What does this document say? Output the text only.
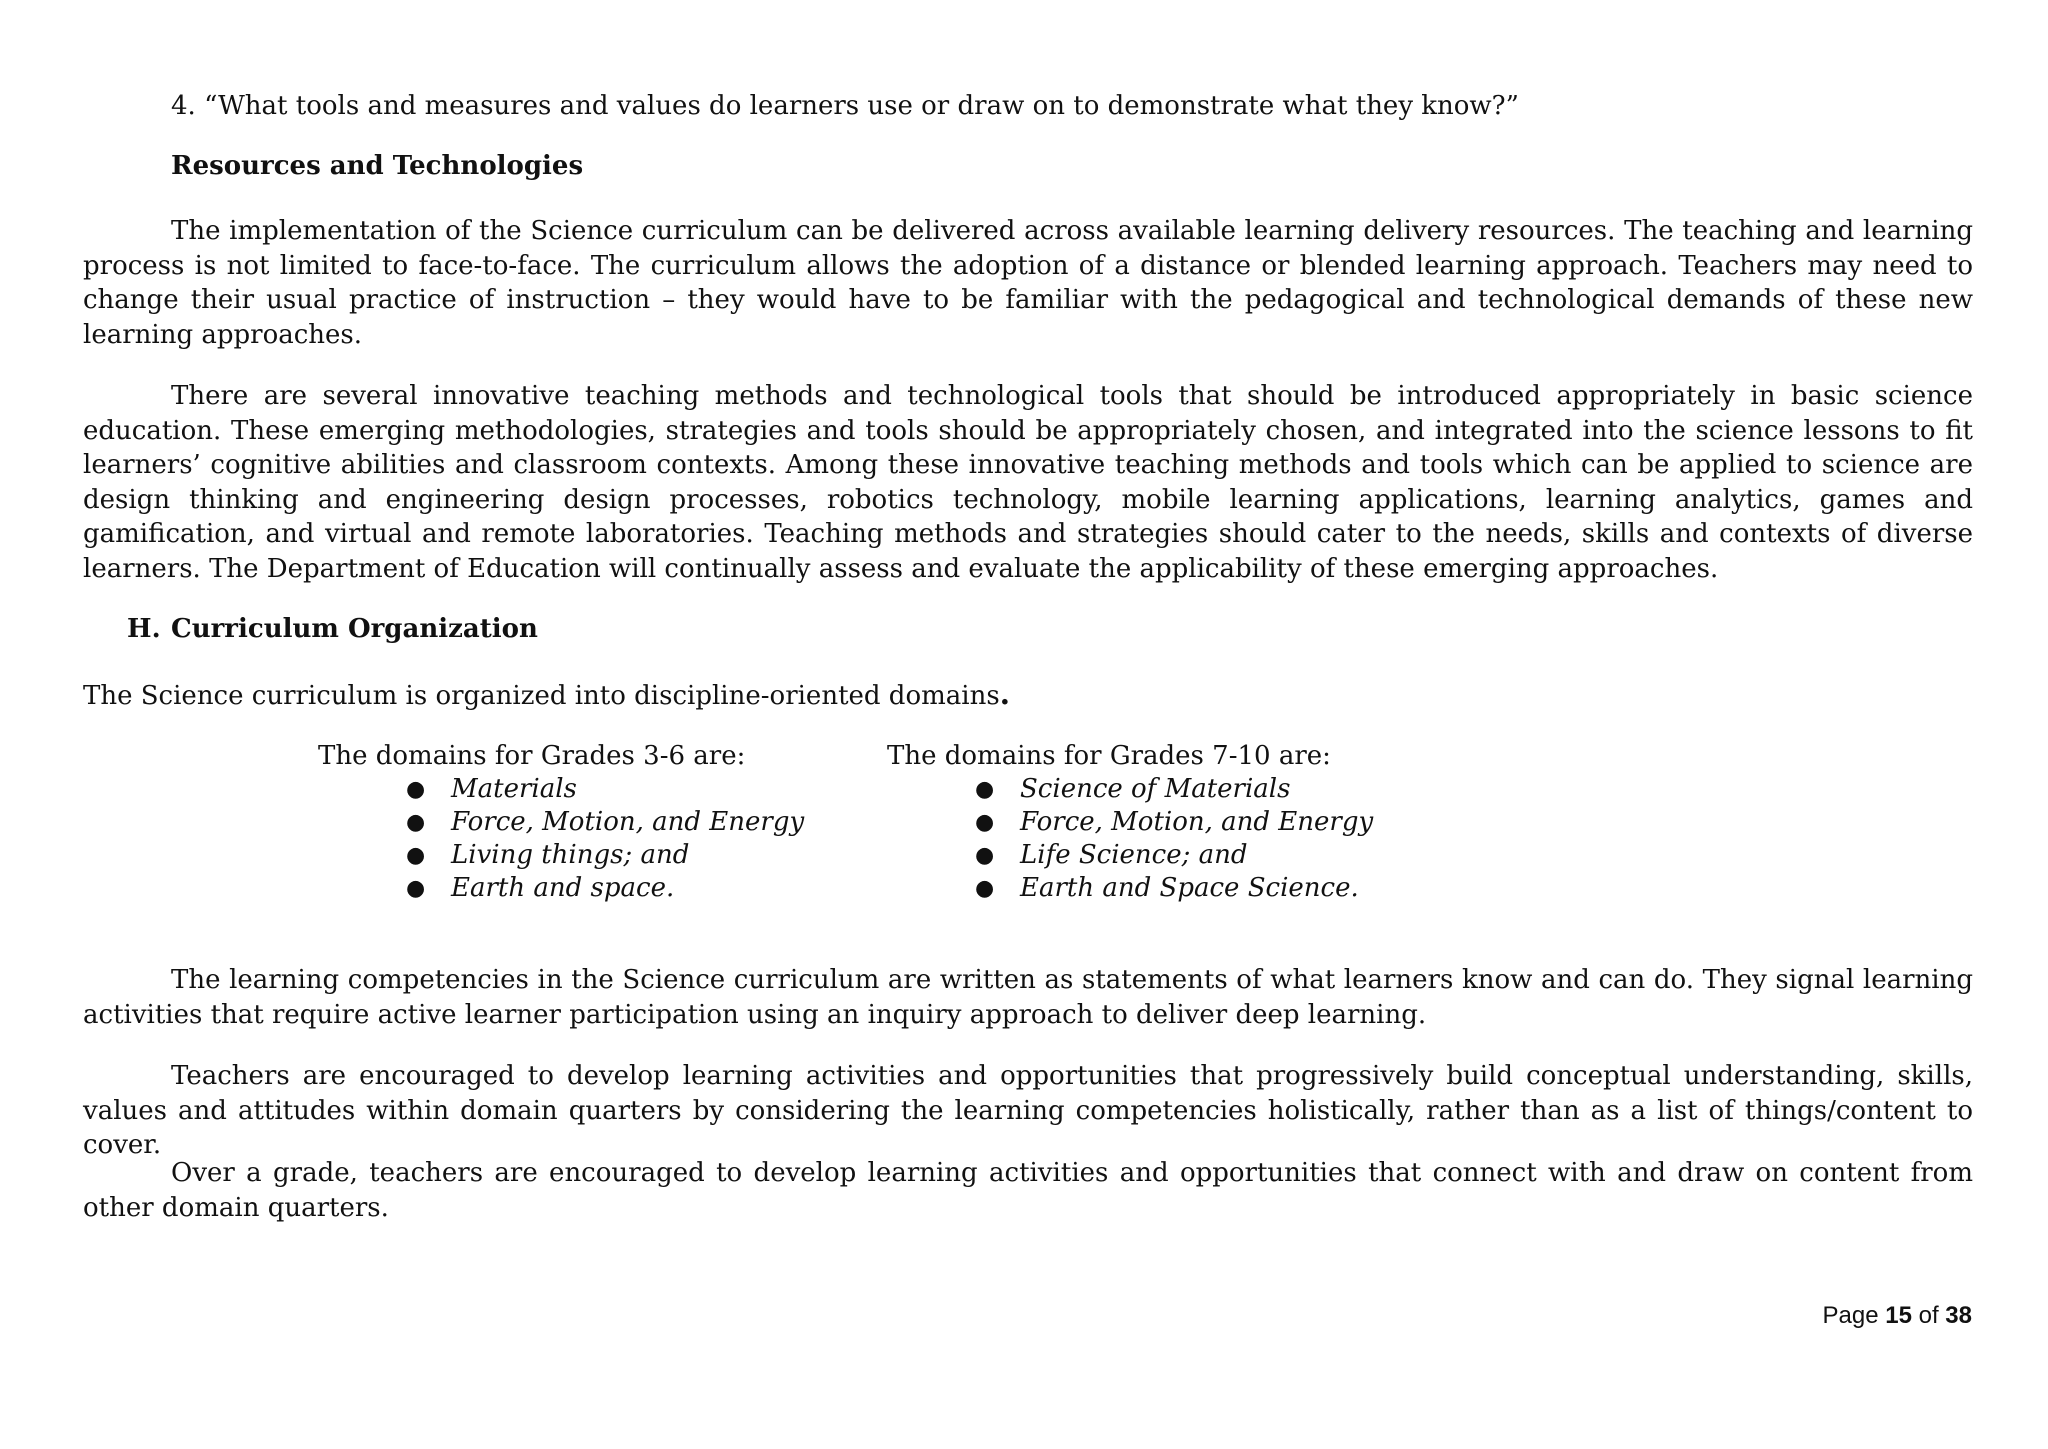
4. “What tools and measures and values do learners use or draw on to demonstrate what they know?”
Resources and Technologies

The implementation of the Science curriculum can be delivered across available learning delivery resources. The teaching and learning process is not limited to face-to-face. The curriculum allows the adoption of a distance or blended learning approach. Teachers may need to change their usual practice of instruction – they would have to be familiar with the pedagogical and technological demands of these new learning approaches.

There are several innovative teaching methods and technological tools that should be introduced appropriately in basic science education. These emerging methodologies, strategies and tools should be appropriately chosen, and integrated into the science lessons to fit learners’ cognitive abilities and classroom contexts. Among these innovative teaching methods and tools which can be applied to science are design thinking and engineering design processes, robotics technology, mobile learning applications, learning analytics, games and gamification, and virtual and remote laboratories. Teaching methods and strategies should cater to the needs, skills and contexts of diverse learners. The Department of Education will continually assess and evaluate the applicability of these emerging approaches.

H. Curriculum Organization
The Science curriculum is organized into discipline-oriented domains.
The domains for Grades 3-6 are:
● Materials
● Force, Motion, and Energy
● Living things; and
● Earth and space.
The domains for Grades 7-10 are:
● Science of Materials
● Force, Motion, and Energy
● Life Science; and
● Earth and Space Science.

The learning competencies in the Science curriculum are written as statements of what learners know and can do. They signal learning activities that require active learner participation using an inquiry approach to deliver deep learning.

Teachers are encouraged to develop learning activities and opportunities that progressively build conceptual understanding, skills, values and attitudes within domain quarters by considering the learning competencies holistically, rather than as a list of things/content to cover.

Over a grade, teachers are encouraged to develop learning activities and opportunities that connect with and draw on content from other domain quarters.

Page 15 of 38
